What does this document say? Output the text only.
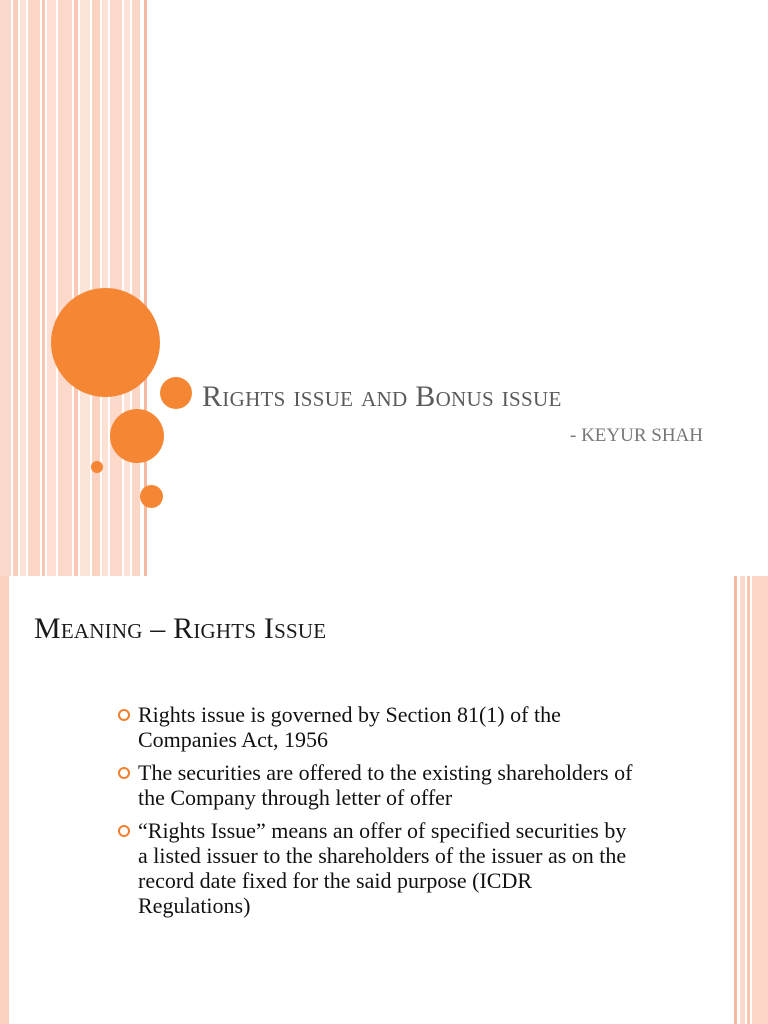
Rights issue and Bonus issue
- KEYUR SHAH
Meaning – Rights Issue
Rights issue is governed by Section 81(1) of the Companies Act, 1956
The securities are offered to the existing shareholders of the Company through letter of offer
“Rights Issue” means an offer of specified securities by a listed issuer to the shareholders of the issuer as on the record date fixed for the said purpose (ICDR Regulations)
